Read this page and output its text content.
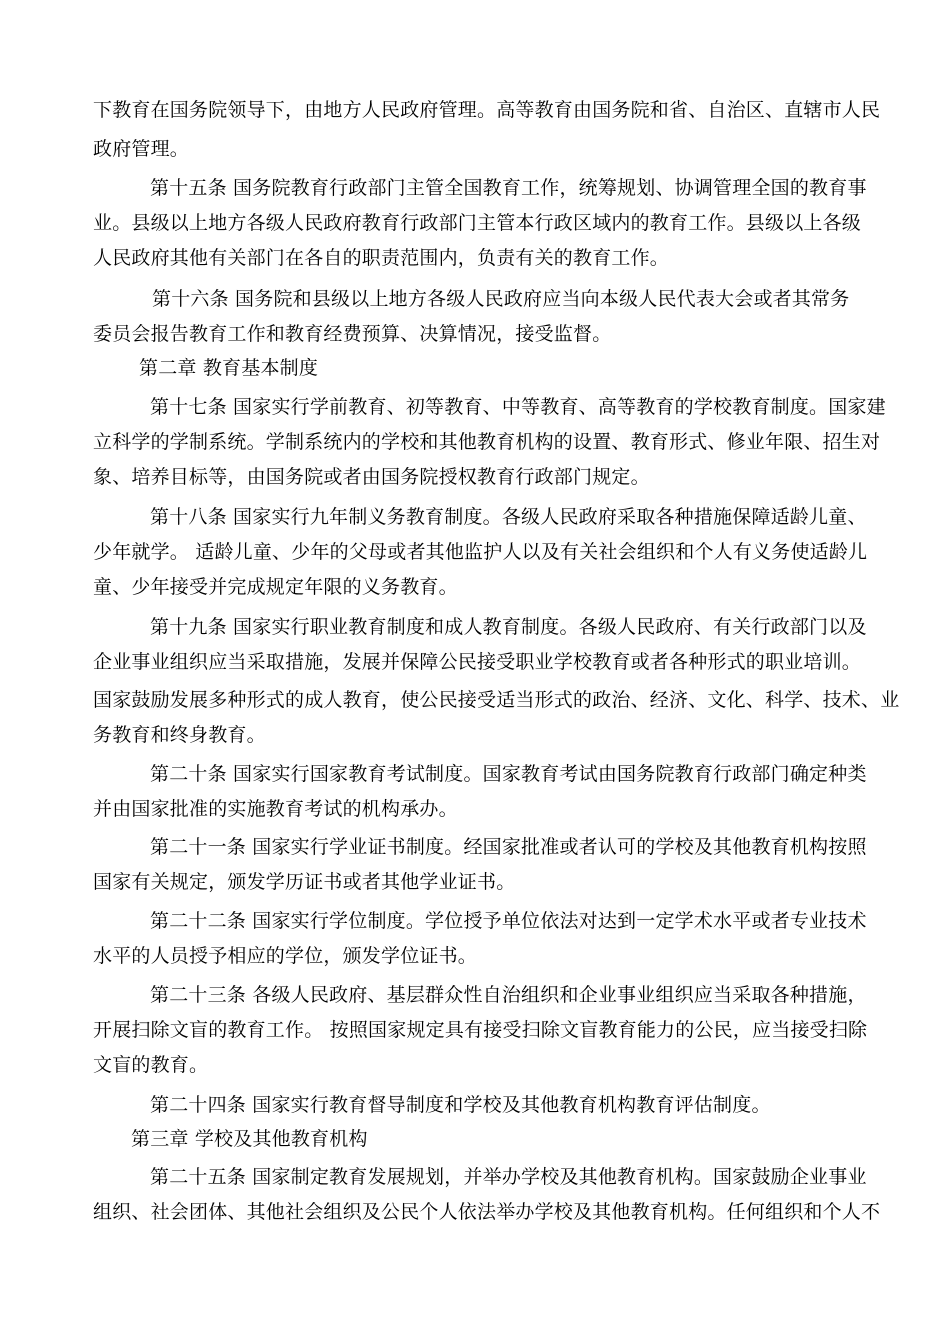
下教育在国务院领导下，由地方人民政府管理。高等教育由国务院和省、自治区、直辖市人民
政府管理。
第十五条 国务院教育行政部门主管全国教育工作，统筹规划、协调管理全国的教育事
业。县级以上地方各级人民政府教育行政部门主管本行政区域内的教育工作。县级以上各级
人民政府其他有关部门在各自的职责范围内，负责有关的教育工作。
第十六条 国务院和县级以上地方各级人民政府应当向本级人民代表大会或者其常务
委员会报告教育工作和教育经费预算、决算情况，接受监督。
第二章 教育基本制度
第十七条 国家实行学前教育、初等教育、中等教育、高等教育的学校教育制度。国家建
立科学的学制系统。学制系统内的学校和其他教育机构的设置、教育形式、修业年限、招生对
象、培养目标等，由国务院或者由国务院授权教育行政部门规定。
第十八条 国家实行九年制义务教育制度。各级人民政府采取各种措施保障适龄儿童、
少年就学。 适龄儿童、少年的父母或者其他监护人以及有关社会组织和个人有义务使适龄儿
童、少年接受并完成规定年限的义务教育。
第十九条 国家实行职业教育制度和成人教育制度。各级人民政府、有关行政部门以及
企业事业组织应当采取措施，发展并保障公民接受职业学校教育或者各种形式的职业培训。
国家鼓励发展多种形式的成人教育，使公民接受适当形式的政治、经济、文化、科学、技术、业
务教育和终身教育。
第二十条 国家实行国家教育考试制度。国家教育考试由国务院教育行政部门确定种类
并由国家批准的实施教育考试的机构承办。
第二十一条 国家实行学业证书制度。经国家批准或者认可的学校及其他教育机构按照
国家有关规定，颁发学历证书或者其他学业证书。
第二十二条 国家实行学位制度。学位授予单位依法对达到一定学术水平或者专业技术
水平的人员授予相应的学位，颁发学位证书。
第二十三条 各级人民政府、基层群众性自治组织和企业事业组织应当采取各种措施，
开展扫除文盲的教育工作。 按照国家规定具有接受扫除文盲教育能力的公民，应当接受扫除
文盲的教育。
第二十四条 国家实行教育督导制度和学校及其他教育机构教育评估制度。
第三章 学校及其他教育机构
第二十五条 国家制定教育发展规划，并举办学校及其他教育机构。国家鼓励企业事业
组织、社会团体、其他社会组织及公民个人依法举办学校及其他教育机构。任何组织和个人不
